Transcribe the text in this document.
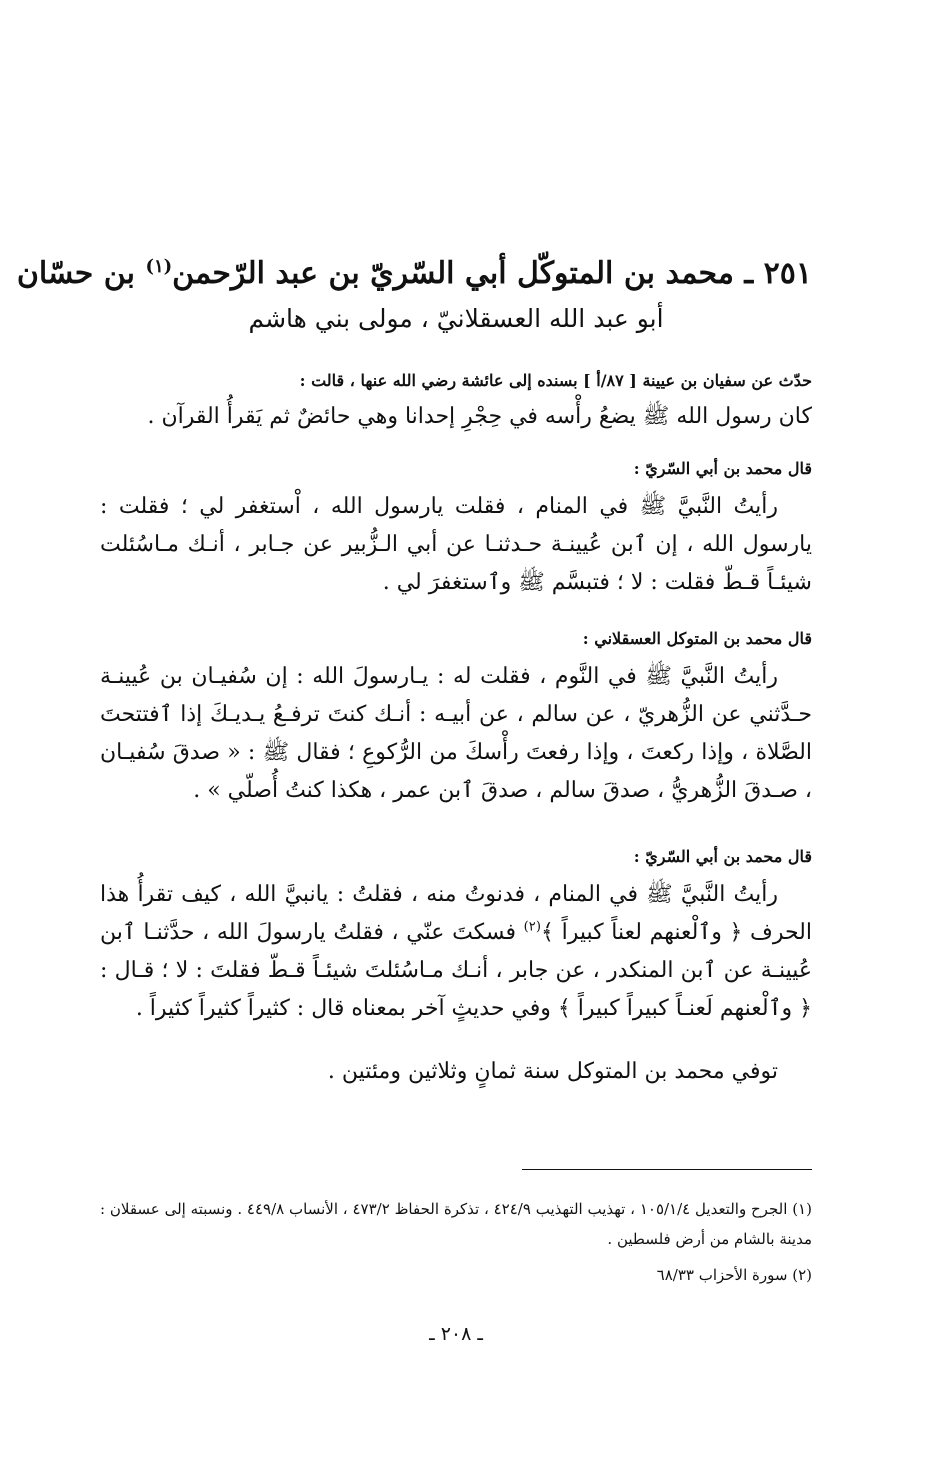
٢٥١ ـ محمد بن المتوكّل أبي السّريّ بن عبد الرّحمن$^{(١)}$ بن حسّان
أبو عبد الله العسقلانيّ ، مولى بني هاشم

حدّث عن سفيان بن عيينة [ ٨٧/أ ] بسنده إلى عائشة رضي الله عنها ، قالت :

كان رسول الله ﷺ يضعُ رأْسه في حِجْرِ إحدانا وهي حائضٌ ثم يَقرأُ القرآن .

قال محمد بن أبي السّريّ :

رأيتُ النَّبيَّ ﷺ في المنام ، فقلت يارسول الله ، اْستغفر لي ؛ فقلت : يارسول الله ، إن ٱبن عُيينـة حـدثنـا عن أبي الـزُّبير عن جـابر ، أنـك مـاسُئلت شيئـاً قـطّ فقلت : لا ؛ فتبسَّم ﷺ وٱستغفرَ لي .

قال محمد بن المتوكل العسقلاني :

رأيتُ النَّبيَّ ﷺ في النَّوم ، فقلت له : يـارسولَ الله : إن سُفيـان بن عُيينـة حـدَّثني عن الزُّهريّ ، عن سالم ، عن أبيـه : أنـك كنتَ ترفـعُ يـديـكَ إذا ٱفتتحتَ الصَّلاة ، وإذا ركعتَ ، وإذا رفعتَ رأْسكَ من الرُّكوعِ ؛ فقال ﷺ : « صدقَ سُفيـان ، صـدقَ الزُّهريُّ ، صدقَ سالم ، صدقَ ٱبن عمر ، هكذا كنتُ أُصلّي » .

قال محمد بن أبي السّريّ :

رأيتُ النَّبيَّ ﷺ في المنام ، فدنوتُ منه ، فقلتُ : يانبيَّ الله ، كيف تقرأُ هذا الحرف ﴿ وٱلْعنهم لعناً كبيراً ﴾$^{(٢)}$ فسكتَ عنّي ، فقلتُ يارسولَ الله ، حدَّثنـا ٱبن عُيينـة عن ٱبن المنكدر ، عن جابر ، أنـك مـاسُئلتَ شيئـاً قـطّ فقلتَ : لا ؛ قـال : ﴿ وٱلْعنهم لَعنـاً كبيراً كبيراً ﴾ وفي حديثٍ آخر بمعناه قال : كثيراً كثيراً كثيراً .

توفي محمد بن المتوكل سنة ثمانٍ وثلاثين ومئتين .

(١) الجرح والتعديل ١٠٥/١/٤ ، تهذيب التهذيب ٤٢٤/٩ ، تذكرة الحفاظ ٤٧٣/٢ ، الأنساب ٤٤٩/٨ . ونسبته إلى عسقلان : مدينة بالشام من أرض فلسطين .

(٢) سورة الأحزاب ٦٨/٣٣

ـ ٢٠٨ ـ
